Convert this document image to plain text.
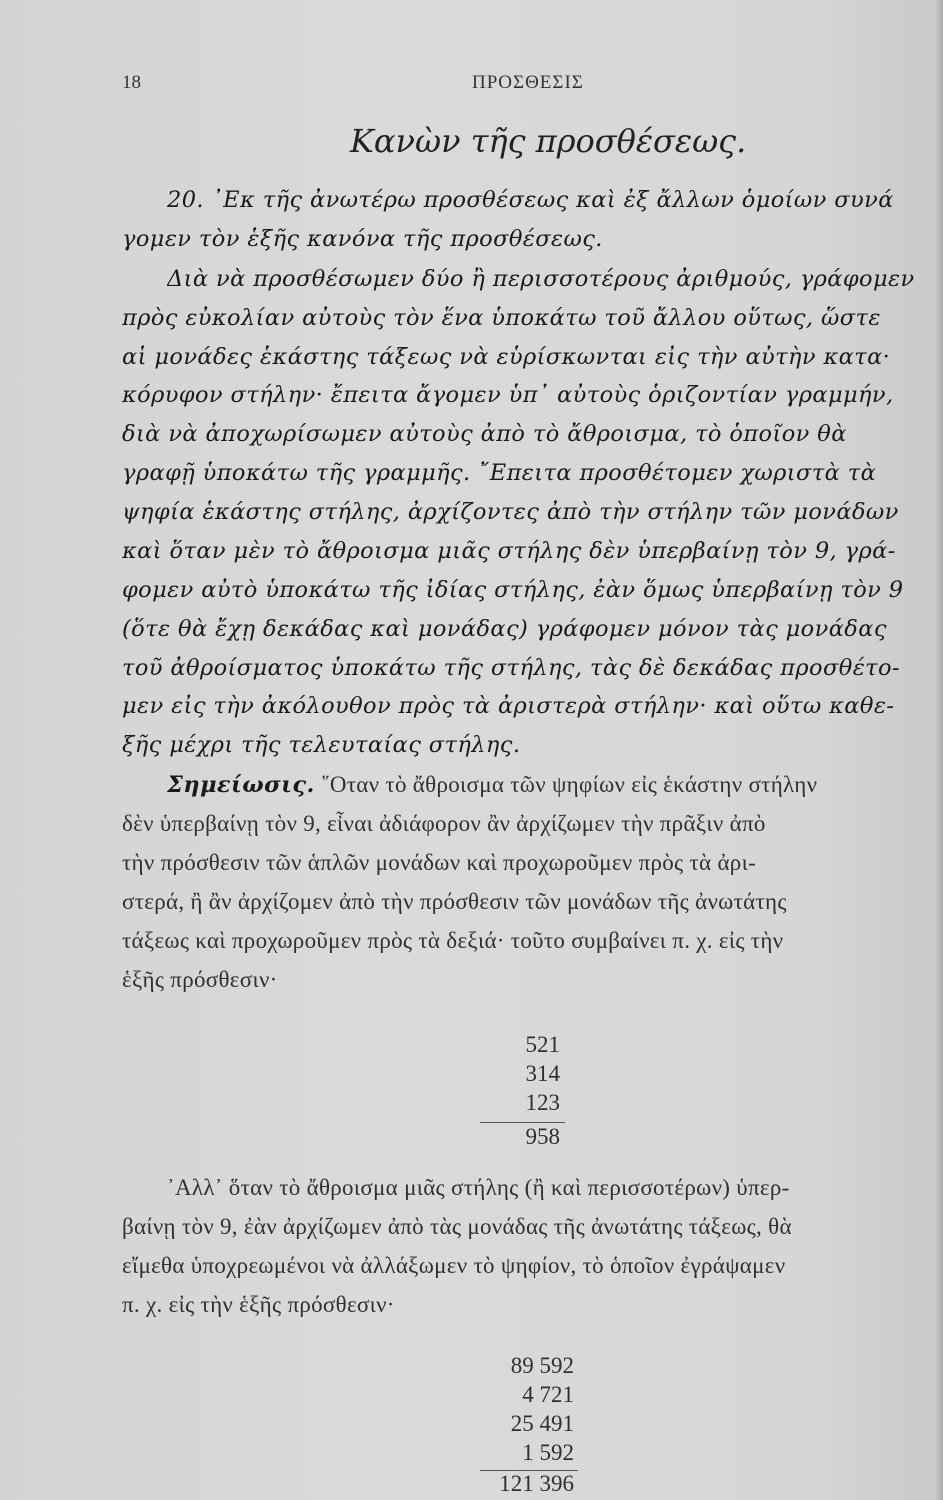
18	ΠΡΟΣΘΕΣΙΣ
Κανὼν τῆς προσθέσεως.
20. ᾿Εκ τῆς ἀνωτέρω προσθέσεως καὶ ἐξ ἄλλων ὁμοίων συνά
γομεν τὸν ἑξῆς κανόνα τῆς προσθέσεως.
Διὰ νὰ προσθέσωμεν δύο ἢ περισσοτέρους ἀριθμούς, γράφομεν
πρὸς εὐκολίαν αὐτοὺς τὸν ἕνα ὑποκάτω τοῦ ἄλλου οὕτως, ὥστε
αἱ μονάδες ἑκάστης τάξεως νὰ εὑρίσκωνται εἰς τὴν αὐτὴν κατα·
κόρυφον στήλην· ἔπειτα ἄγομεν ὑπ᾿ αὐτοὺς ὁριζοντίαν γραμμήν,
διὰ νὰ ἀποχωρίσωμεν αὐτοὺς ἀπὸ τὸ ἄθροισμα, τὸ ὁποῖον θὰ
γραφῇ ὑποκάτω τῆς γραμμῆς. ῎Επειτα προσθέτομεν χωριστὰ τὰ
ψηφία ἑκάστης στήλης, ἀρχίζοντες ἀπὸ τὴν στήλην τῶν μονάδων
καὶ ὅταν μὲν τὸ ἄθροισμα μιᾶς στήλης δὲν ὑπερβαίνῃ τὸν 9, γρά-
φομεν αὐτὸ ὑποκάτω τῆς ἰδίας στήλης, ἐὰν ὅμως ὑπερβαίνῃ τὸν 9
(ὅτε θὰ ἔχῃ δεκάδας καὶ μονάδας) γράφομεν μόνον τὰς μονάδας
τοῦ ἀθροίσματος ὑποκάτω τῆς στήλης, τὰς δὲ δεκάδας προσθέτο-
μεν εἰς τὴν ἀκόλουθον πρὸς τὰ ἀριστερὰ στήλην· καὶ οὕτω καθε-
ξῆς μέχρι τῆς τελευταίας στήλης.
Σημείωσις. ῞Οταν τὸ ἄθροισμα τῶν ψηφίων εἰς ἑκάστην στήλην
δὲν ὑπερβαίνῃ τὸν 9, εἶναι ἀδιάφορον ἂν ἀρχίζωμεν τὴν πρᾶξιν ἀπὸ
τὴν πρόσθεσιν τῶν ἁπλῶν μονάδων καὶ προχωροῦμεν πρὸς τὰ ἀρι-
στερά, ἢ ἂν ἀρχίζομεν ἀπὸ τὴν πρόσθεσιν τῶν μονάδων τῆς ἀνωτάτης
τάξεως καὶ προχωροῦμεν πρὸς τὰ δεξιά· τοῦτο συμβαίνει π. χ. εἰς τὴν
ἑξῆς πρόσθεσιν·
521
314
123
958
᾿Αλλ᾿ ὅταν τὸ ἄθροισμα μιᾶς στήλης (ἢ καὶ περισσοτέρων) ὑπερ-
βαίνῃ τὸν 9, ἐὰν ἀρχίζωμεν ἀπὸ τὰς μονάδας τῆς ἀνωτάτης τάξεως, θὰ
εἴμεθα ὑποχρεωμένοι νὰ ἀλλάξωμεν τὸ ψηφίον, τὸ ὁποῖον ἐγράψαμεν
π. χ. εἰς τὴν ἑξῆς πρόσθεσιν·
89 592
4 721
25 491
1 592
121 396
